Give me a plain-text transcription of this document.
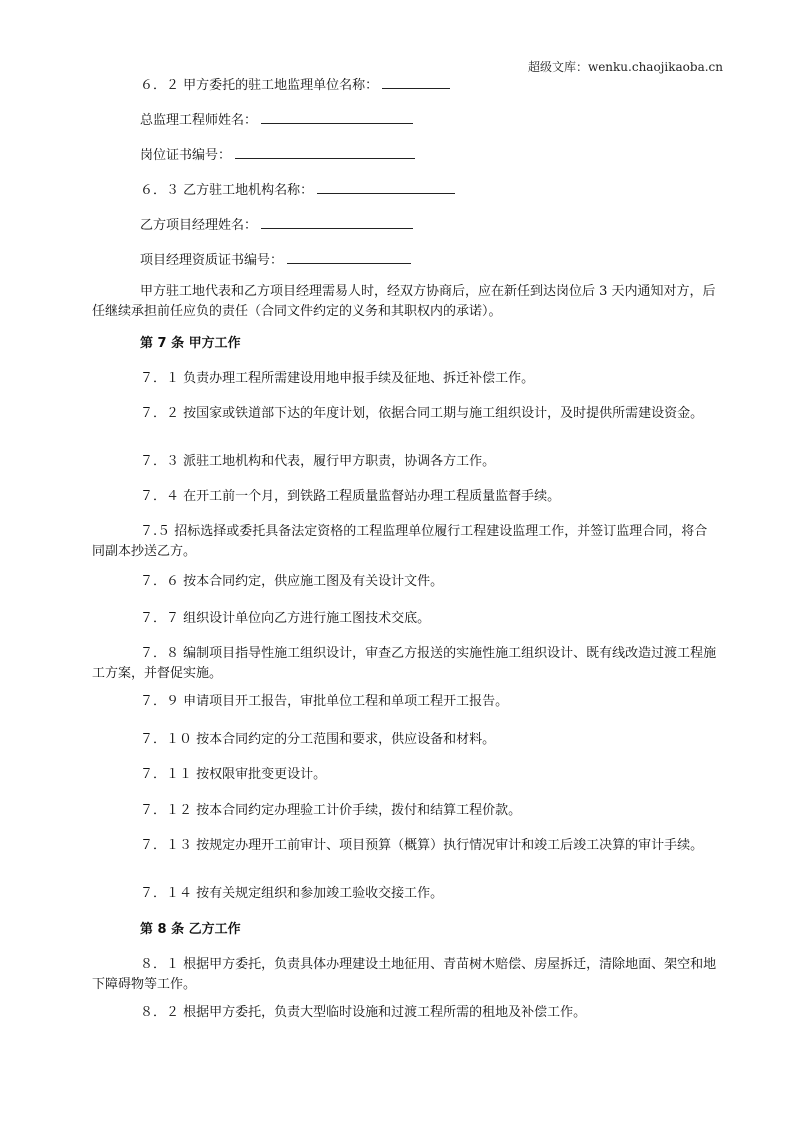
超级文库：wenku.chaojikaoba.cn
６．２ 甲方委托的驻工地监理单位名称：
总监理工程师姓名：
岗位证书编号：
６．３ 乙方驻工地机构名称：
乙方项目经理姓名：
项目经理资质证书编号：

甲方驻工地代表和乙方项目经理需易人时，经双方协商后，应在新任到达岗位后 3 天内通知对方，后任继续承担前任应负的责任（合同文件约定的义务和其职权内的承诺）。

第 7 条 甲方工作

７．１ 负责办理工程所需建设用地申报手续及征地、拆迁补偿工作。

７．２ 按国家或铁道部下达的年度计划，依据合同工期与施工组织设计，及时提供所需建设资金。

７．３ 派驻工地机构和代表，履行甲方职责，协调各方工作。

７．４ 在开工前一个月，到铁路工程质量监督站办理工程质量监督手续。

７.５ 招标选择或委托具备法定资格的工程监理单位履行工程建设监理工作，并签订监理合同，将合同副本抄送乙方。

７．６ 按本合同约定，供应施工图及有关设计文件。

７．７ 组织设计单位向乙方进行施工图技术交底。

７．８ 编制项目指导性施工组织设计，审查乙方报送的实施性施工组织设计、既有线改造过渡工程施工方案，并督促实施。

７．９ 申请项目开工报告，审批单位工程和单项工程开工报告。

７．１０ 按本合同约定的分工范围和要求，供应设备和材料。

７．１１ 按权限审批变更设计。

７．１２ 按本合同约定办理验工计价手续，拨付和结算工程价款。

７．１３ 按规定办理开工前审计、项目预算（概算）执行情况审计和竣工后竣工决算的审计手续。

７．１４ 按有关规定组织和参加竣工验收交接工作。

第 8 条 乙方工作

８．１ 根据甲方委托，负责具体办理建设土地征用、青苗树木赔偿、房屋拆迁，清除地面、架空和地下障碍物等工作。

８．２ 根据甲方委托，负责大型临时设施和过渡工程所需的租地及补偿工作。
